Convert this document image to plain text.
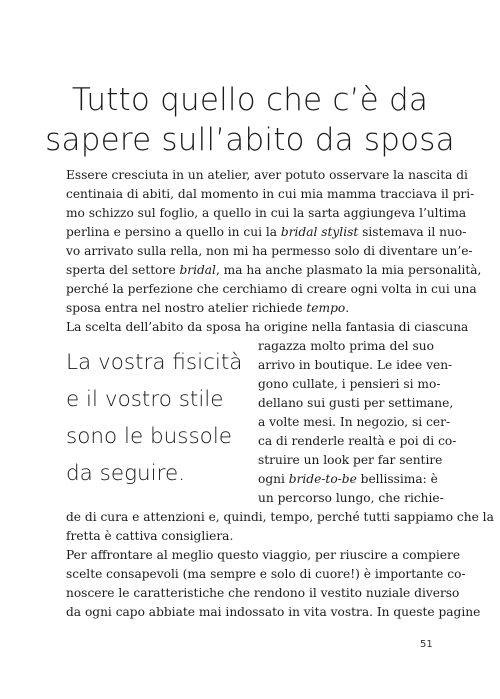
Tutto quello che c’è da
sapere sull’abito da sposa
Essere cresciuta in un atelier, aver potuto osservare la nascita di
centinaia di abiti, dal momento in cui mia mamma tracciava il pri-
mo schizzo sul foglio, a quello in cui la sarta aggiungeva l’ultima
perlina e persino a quello in cui la bridal stylist sistemava il nuo-
vo arrivato sulla rella, non mi ha permesso solo di diventare un’e-
sperta del settore bridal, ma ha anche plasmato la mia personalità,
perché la perfezione che cerchiamo di creare ogni volta in cui una
sposa entra nel nostro atelier richiede tempo.
La scelta dell’abito da sposa ha origine nella fantasia di ciascuna
ragazza molto prima del suo
arrivo in boutique. Le idee ven-
gono cullate, i pensieri si mo-
dellano sui gusti per settimane,
a volte mesi. In negozio, si cer-
ca di renderle realtà e poi di co-
struire un look per far sentire
ogni bride-to-be bellissima: è
un percorso lungo, che richie-
de di cura e attenzioni e, quindi, tempo, perché tutti sappiamo che la
fretta è cattiva consigliera.
Per affrontare al meglio questo viaggio, per riuscire a compiere
scelte consapevoli (ma sempre e solo di cuore!) è importante co-
noscere le caratteristiche che rendono il vestito nuziale diverso
da ogni capo abbiate mai indossato in vita vostra. In queste pagine
La vostra fisicità
e il vostro stile
sono le bussole
da seguire.
51
